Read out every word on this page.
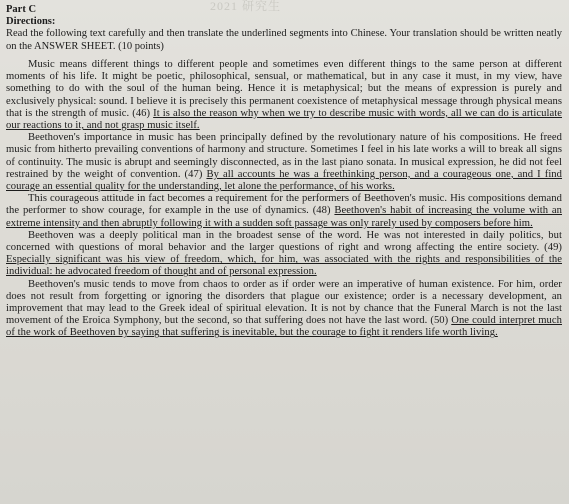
2021 研究生

Part C

Directions:

Read the following text carefully and then translate the underlined segments into Chinese. Your translation should be written neatly on the ANSWER SHEET. (10 points)

Music means different things to different people and sometimes even different things to the same person at different moments of his life. It might be poetic, philosophical, sensual, or mathematical, but in any case it must, in my view, have something to do with the soul of the human being. Hence it is metaphysical; but the means of expression is purely and exclusively physical: sound. I believe it is precisely this permanent coexistence of metaphysical message through physical means that is the strength of music. (46) It is also the reason why when we try to describe music with words, all we can do is articulate our reactions to it, and not grasp music itself.

Beethoven's importance in music has been principally defined by the revolutionary nature of his compositions. He freed music from hitherto prevailing conventions of harmony and structure. Sometimes I feel in his late works a will to break all signs of continuity. The music is abrupt and seemingly disconnected, as in the last piano sonata. In musical expression, he did not feel restrained by the weight of convention. (47) By all accounts he was a freethinking person, and a courageous one, and I find courage an essential quality for the understanding, let alone the performance, of his works.

This courageous attitude in fact becomes a requirement for the performers of Beethoven's music. His compositions demand the performer to show courage, for example in the use of dynamics. (48) Beethoven's habit of increasing the volume with an extreme intensity and then abruptly following it with a sudden soft passage was only rarely used by composers before him.

Beethoven was a deeply political man in the broadest sense of the word. He was not interested in daily politics, but concerned with questions of moral behavior and the larger questions of right and wrong affecting the entire society. (49) Especially significant was his view of freedom, which, for him, was associated with the rights and responsibilities of the individual: he advocated freedom of thought and of personal expression.

Beethoven's music tends to move from chaos to order as if order were an imperative of human existence. For him, order does not result from forgetting or ignoring the disorders that plague our existence; order is a necessary development, an improvement that may lead to the Greek ideal of spiritual elevation. It is not by chance that the Funeral March is not the last movement of the Eroica Symphony, but the second, so that suffering does not have the last word. (50) One could interpret much of the work of Beethoven by saying that suffering is inevitable, but the courage to fight it renders life worth living.
